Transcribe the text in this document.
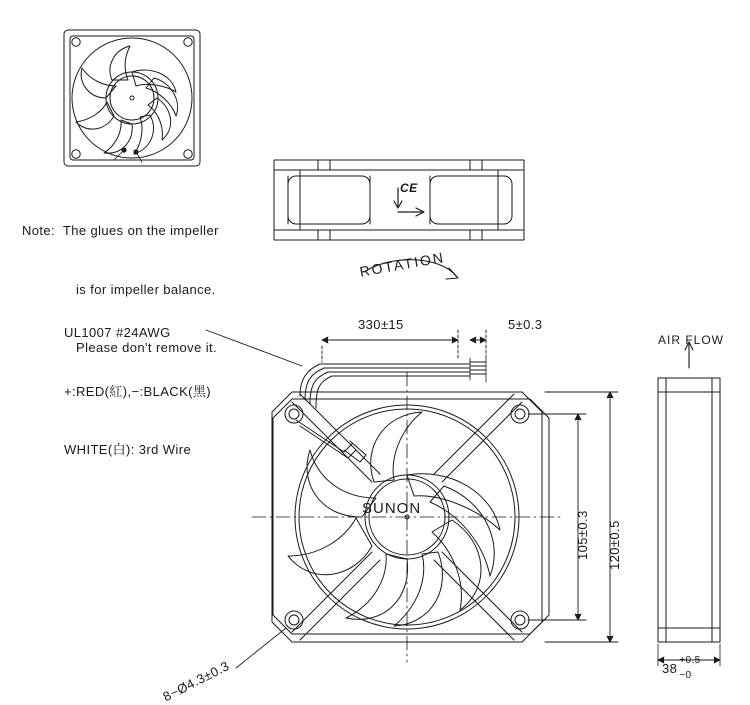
Note:  The glues on the impeller

is for impeller balance.

Please don't remove it.

UL1007 #24AWG

+:RED(紅),−:BLACK(黑)

WHITE(白): 3rd Wire

330±15	5±0.3
105±0.3 120±0.5
8−Ø4.3±0.3
SUNON
ROTATION
AIR FLOW
CE
38
+0.5
−0
